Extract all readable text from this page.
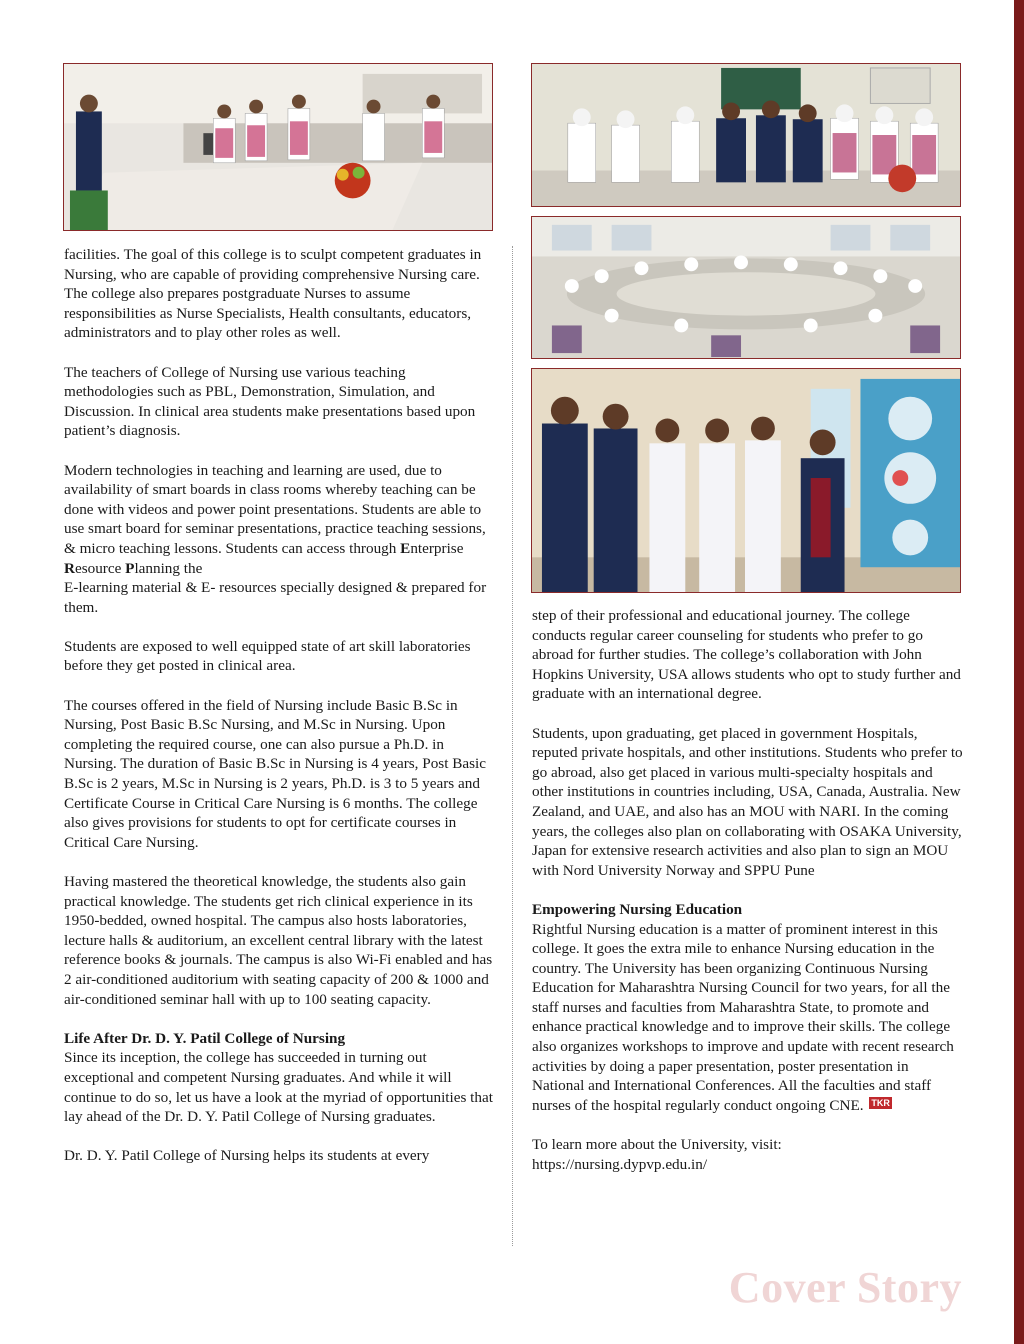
facilities. The goal of this college is to sculpt competent graduates in Nursing, who are capable of providing comprehensive Nursing care. The college also prepares postgraduate Nurses to assume responsibilities as Nurse Specialists, Health consultants, educators, administrators and to play other roles as well.

The teachers of College of Nursing use various teaching methodologies such as PBL, Demonstration, Simulation, and Discussion. In clinical area students make presentations based upon patient’s diagnosis.

Modern technologies in teaching and learning are used, due to availability of smart boards in class rooms whereby teaching can be done with videos and power point presentations. Students are able to use smart board for seminar presentations, practice teaching sessions, & micro teaching lessons. Students can access through Enterprise Resource Planning the
E-learning material & E- resources specially designed & prepared for them.

Students are exposed to well equipped state of art skill laboratories before they get posted in clinical area.

The courses offered in the field of Nursing include Basic B.Sc in Nursing, Post Basic B.Sc Nursing, and M.Sc in Nursing. Upon completing the required course, one can also pursue a Ph.D. in Nursing. The duration of Basic B.Sc in Nursing is 4 years, Post Basic B.Sc is 2 years, M.Sc in Nursing is 2 years, Ph.D. is 3 to 5 years and Certificate Course in Critical Care Nursing is 6 months. The college also gives provisions for students to opt for certificate courses in Critical Care Nursing.

Having mastered the theoretical knowledge, the students also gain practical knowledge. The students get rich clinical experience in its 1950-bedded, owned hospital. The campus also hosts laboratories, lecture halls & auditorium, an excellent central library with the latest reference books & journals. The campus is also Wi-Fi enabled and has 2 air-conditioned auditorium with seating capacity of 200 & 1000 and air-conditioned seminar hall with up to 100 seating capacity.

Life After Dr. D. Y. Patil College of Nursing

Since its inception, the college has succeeded in turning out exceptional and competent Nursing graduates. And while it will continue to do so, let us have a look at the myriad of opportunities that lay ahead of the Dr. D. Y. Patil College of Nursing graduates.

Dr. D. Y. Patil College of Nursing helps its students at every

step of their professional and educational journey. The college conducts regular career counseling for students who prefer to go abroad for further studies. The college’s collaboration with John Hopkins University, USA allows students who opt to study further and graduate with an international degree.

Students, upon graduating, get placed in government Hospitals, reputed private hospitals, and other institutions. Students who prefer to go abroad, also get placed in various multi-specialty hospitals and other institutions in countries including, USA, Canada, Australia. New Zealand, and UAE, and also has an MOU with NARI. In the coming years, the colleges also plan on collaborating with OSAKA University, Japan for extensive research activities and also plan to sign an MOU with Nord University Norway and SPPU Pune

Empowering Nursing Education

Rightful Nursing education is a matter of prominent interest in this college. It goes the extra mile to enhance Nursing education in the country. The University has been organizing Continuous Nursing Education for Maharashtra Nursing Council for two years, for all the staff nurses and faculties from Maharashtra State, to promote and enhance practical knowledge and to improve their skills. The college also organizes workshops to improve and update with recent research activities by doing a paper presentation, poster presentation in National and International Conferences. All the faculties and staff nurses of the hospital regularly conduct ongoing CNE. TKR

To learn more about the University, visit:
https://nursing.dypvp.edu.in/

Cover Story
